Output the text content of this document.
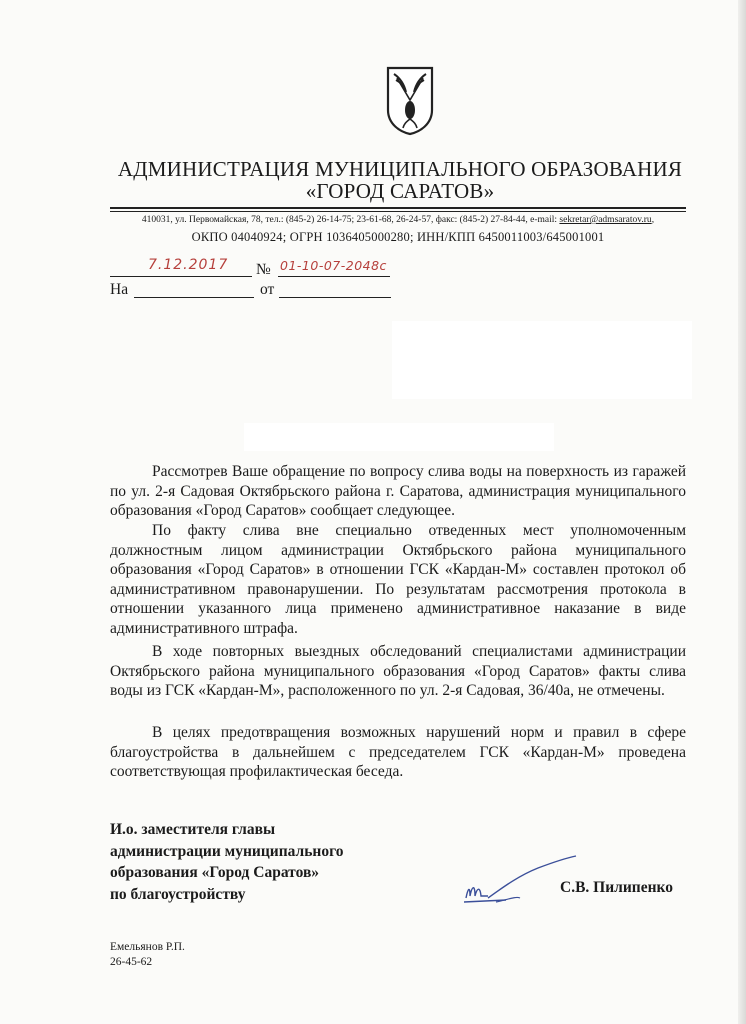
АДМИНИСТРАЦИЯ МУНИЦИПАЛЬНОГО ОБРАЗОВАНИЯ
«ГОРОД САРАТОВ»
410031, ул. Первомайская, 78, тел.: (845-2) 26-14-75; 23-61-68, 26-24-57, факс: (845-2) 27-84-44, e-mail: sekretar@admsaratov.ru,
ОКПО 04040924; ОГРН 1036405000280; ИНН/КПП 6450011003/645001001
7.12.2017 № 01-10-07-2048с
На	от

Рассмотрев Ваше обращение по вопросу слива воды на поверхность из гаражей по ул. 2-я Садовая Октябрьского района г. Саратова, администрация муниципального образования «Город Саратов» сообщает следующее.

По факту слива вне специально отведенных мест уполномоченным должностным лицом администрации Октябрьского района муниципального образования «Город Саратов» в отношении ГСК «Кардан-М» составлен протокол об административном правонарушении. По результатам рассмотрения протокола в отношении указанного лица применено административное наказание в виде административного штрафа.

В ходе повторных выездных обследований специалистами администрации Октябрьского района муниципального образования «Город Саратов» факты слива воды из ГСК «Кардан-М», расположенного по ул. 2-я Садовая, 36/40а, не отмечены.

В целях предотвращения возможных нарушений норм и правил в сфере благоустройства в дальнейшем с председателем ГСК «Кардан-М» проведена соответствующая профилактическая беседа.

И.о. заместителя главы
администрации муниципального
образования «Город Саратов»
по благоустройству	С.В. Пилипенко
Емельянов Р.П.
26-45-62
